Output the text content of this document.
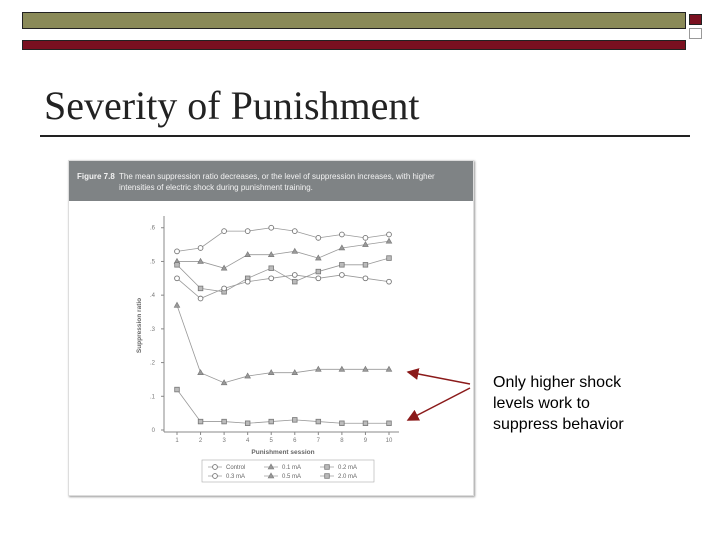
Severity of Punishment
Figure 7.8 The mean suppression ratio decreases, or the level of suppression increases, with higher intensities of electric shock during punishment training.
0
.1
.2
.3
.4
.5
.6
1	2	3	4	5	6	7	8	9	10
Punishment session
Suppression ratio
Control	0.1 mA	0.2 mA
0.3 mA	0.5 mA	2.0 mA
Only higher shock levels work to suppress behavior
